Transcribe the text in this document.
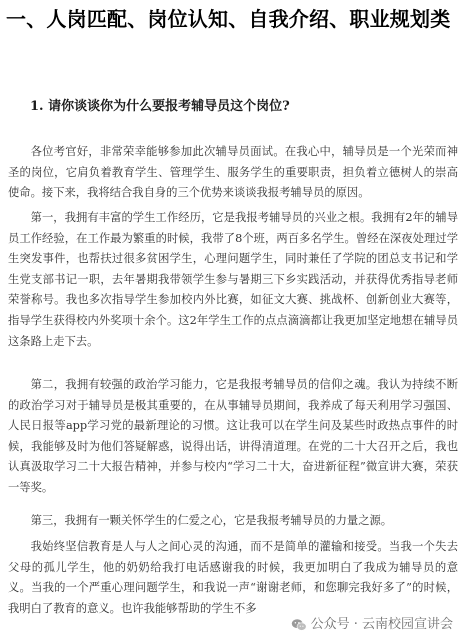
一、人岗匹配、岗位认知、自我介绍、职业规划类
1. 请你谈谈你为什么要报考辅导员这个岗位?

各位考官好，非常荣幸能够参加此次辅导员面试。在我心中，辅导员是一个光荣而神圣的岗位，它肩负着教育学生、管理学生、服务学生的重要职责，担负着立德树人的崇高使命。接下来，我将结合我自身的三个优势来谈谈我报考辅导员的原因。

第一，我拥有丰富的学生工作经历，它是我报考辅导员的兴业之根。我拥有2年的辅导员工作经验，在工作最为繁重的时候，我带了8个班，两百多名学生。曾经在深夜处理过学生突发事件，也帮扶过很多贫困学生，心理问题学生，同时兼任了学院的团总支书记和学生党支部书记一职，去年暑期我带领学生参与暑期三下乡实践活动，并获得优秀指导老师荣誉称号。我也多次指导学生参加校内外比赛，如征文大赛、挑战杯、创新创业大赛等，指导学生获得校内外奖项十余个。这2年学生工作的点点滴滴都让我更加坚定地想在辅导员这条路上走下去。

第二，我拥有较强的政治学习能力，它是我报考辅导员的信仰之魂。我认为持续不断的政治学习对于辅导员是极其重要的，在从事辅导员期间，我养成了每天利用学习强国、人民日报等app学习党的最新理论的习惯。这让我可以在学生问及某些时政热点事件的时候，我能够及时为他们答疑解惑，说得出话，讲得清道理。在党的二十大召开之后，我也认真汲取学习二十大报告精神，并参与校内“学习二十大，奋进新征程”微宣讲大赛，荣获一等奖。

第三，我拥有一颗关怀学生的仁爱之心，它是我报考辅导员的力量之源。

我始终坚信教育是人与人之间心灵的沟通，而不是简单的灌输和接受。当我一个失去父母的孤儿学生，他的奶奶给我打电话感谢我的时候，我更加明白了我成为辅导员的意义。当我的一个严重心理问题学生，和我说一声“谢谢老师，和您聊完我好多了”的时候，我明白了教育的意义。也许我能够帮助的学生不多

公众号 · 云南校园宣讲会
